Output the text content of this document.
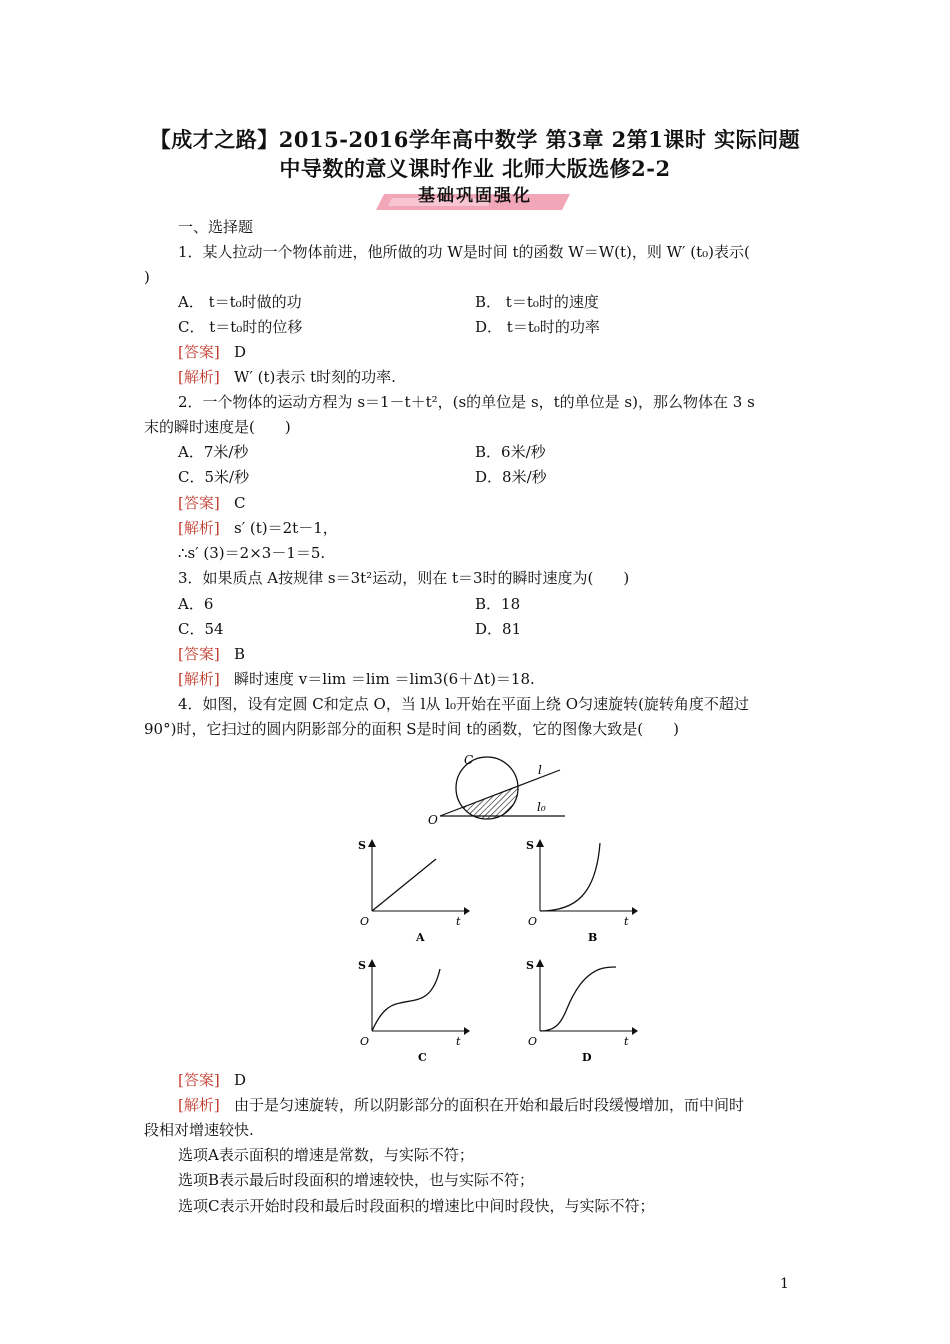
【成才之路】2015-2016学年高中数学 第3章 2第1课时 实际问题
中导数的意义课时作业 北师大版选修2-2
基础巩固强化
一、选择题
1．某人拉动一个物体前进，他所做的功 W是时间 t的函数 W＝W(t)，则 W′ (t₀)表示(
)
A． t＝t₀时做的功	B． t＝t₀时的速度
C． t＝t₀时的位移	D． t＝t₀时的功率
[答案] D
[解析] W′ (t)表示 t时刻的功率.
2．一个物体的运动方程为 s＝1－t＋t²，(s的单位是 s，t的单位是 s)，那么物体在 3 s
末的瞬时速度是(　　)
A．7米/秒	B．6米/秒
C．5米/秒	D．8米/秒
[答案] C
[解析] s′ (t)＝2t－1，
∴s′ (3)＝2×3－1＝5.
3．如果质点 A按规律 s＝3t²运动，则在 t＝3时的瞬时速度为(　　)
A．6	B．18
C．54	D．81
[答案] B
[解析] 瞬时速度 v＝lim ＝lim ＝lim3(6＋Δt)＝18.
4．如图，设有定圆 C和定点 O，当 l从 l₀开始在平面上绕 O匀速旋转(旋转角度不超过
90°)时，它扫过的圆内阴影部分的面积 S是时间 t的函数，它的图像大致是(　　)
C
l
l₀
O
S
t
O
A
S
t
O
B
S
t
O
C
S
t
O
D
[答案] D
[解析] 由于是匀速旋转，所以阴影部分的面积在开始和最后时段缓慢增加，而中间时
段相对增速较快.
选项A表示面积的增速是常数，与实际不符；
选项B表示最后时段面积的增速较快，也与实际不符；
选项C表示开始时段和最后时段面积的增速比中间时段快，与实际不符；
1
